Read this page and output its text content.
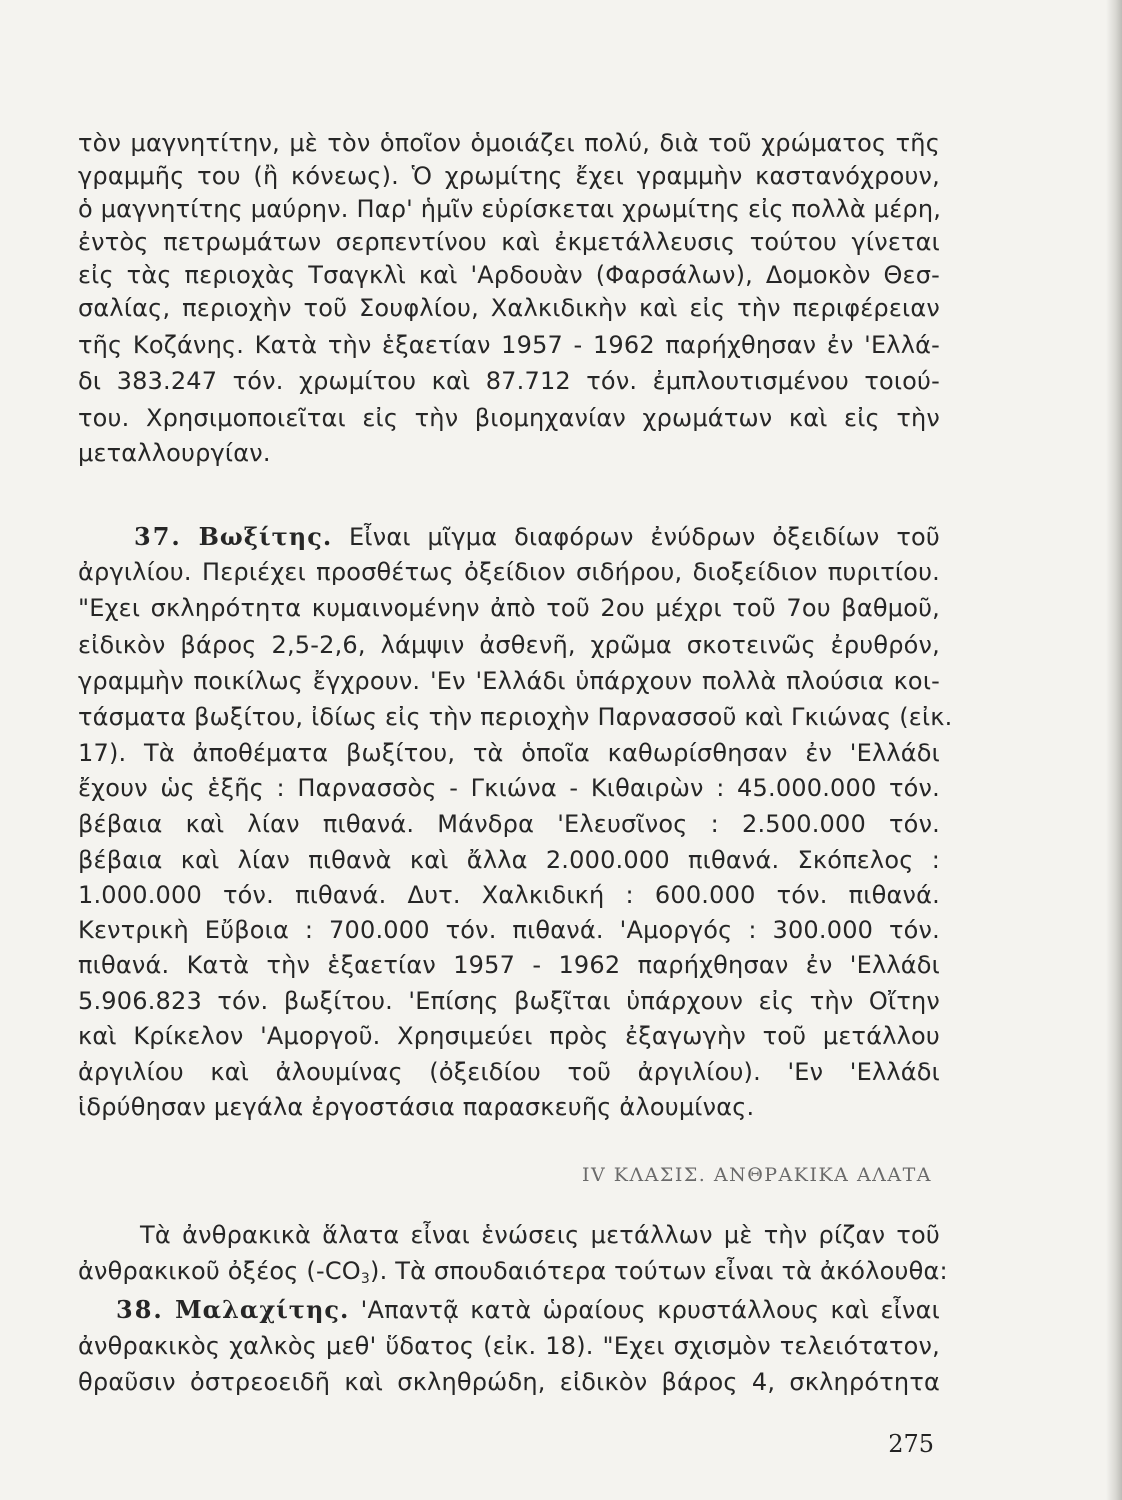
τὸν μαγνητίτην, μὲ τὸν ὁποῖον ὁμοιάζει πολύ, διὰ τοῦ χρώματος τῆς
γραμμῆς του (ἢ κόνεως). Ὁ χρωμίτης ἔχει γραμμὴν καστανόχρουν,
ὁ μαγνητίτης μαύρην. Παρ' ἡμῖν εὑρίσκεται χρωμίτης εἰς πολλὰ μέρη,
ἐντὸς πετρωμάτων σερπεντίνου καὶ ἐκμετάλλευσις τούτου γίνεται
εἰς τὰς περιοχὰς Τσαγκλὶ καὶ 'Αρδουὰν (Φαρσάλων), Δομοκὸν Θεσ-
σαλίας, περιοχὴν τοῦ Σουφλίου, Χαλκιδικὴν καὶ εἰς τὴν περιφέρειαν
τῆς Κοζάνης. Κατὰ τὴν ἑξαετίαν 1957 - 1962 παρήχθησαν ἐν 'Ελλά-
δι 383.247 τόν. χρωμίτου καὶ 87.712 τόν. ἐμπλουτισμένου τοιού-
του. Χρησιμοποιεῖται εἰς τὴν βιομηχανίαν χρωμάτων καὶ εἰς τὴν
μεταλλουργίαν.
37. Βωξίτης. Εἶναι μῖγμα διαφόρων ἐνύδρων ὀξειδίων τοῦ
ἀργιλίου. Περιέχει προσθέτως ὀξείδιον σιδήρου, διοξείδιον πυριτίου.
"Εχει σκληρότητα κυμαινομένην ἀπὸ τοῦ 2ου μέχρι τοῦ 7ου βαθμοῦ,
εἰδικὸν βάρος 2,5-2,6, λάμψιν ἀσθενῆ, χρῶμα σκοτεινῶς ἐρυθρόν,
γραμμὴν ποικίλως ἔγχρουν. 'Εν 'Ελλάδι ὑπάρχουν πολλὰ πλούσια κοι-
τάσματα βωξίτου, ἰδίως εἰς τὴν περιοχὴν Παρνασσοῦ καὶ Γκιώνας (εἰκ.
17). Τὰ ἀποθέματα βωξίτου, τὰ ὁποῖα καθωρίσθησαν ἐν 'Ελλάδι
ἔχουν ὡς ἑξῆς : Παρνασσὸς - Γκιώνα - Κιθαιρὼν : 45.000.000 τόν.
βέβαια καὶ λίαν πιθανά. Μάνδρα 'Ελευσῖνος : 2.500.000 τόν.
βέβαια καὶ λίαν πιθανὰ καὶ ἄλλα 2.000.000 πιθανά. Σκόπελος :
1.000.000 τόν. πιθανά. Δυτ. Χαλκιδική : 600.000 τόν. πιθανά.
Κεντρικὴ Εὔβοια : 700.000 τόν. πιθανά. 'Αμοργός : 300.000 τόν.
πιθανά. Κατὰ τὴν ἑξαετίαν 1957 - 1962 παρήχθησαν ἐν 'Ελλάδι
5.906.823 τόν. βωξίτου. 'Επίσης βωξῖται ὑπάρχουν εἰς τὴν Οἴτην
καὶ Κρίκελον 'Αμοργοῦ. Χρησιμεύει πρὸς ἐξαγωγὴν τοῦ μετάλλου
ἀργιλίου καὶ ἀλουμίνας (ὀξειδίου τοῦ ἀργιλίου). 'Εν 'Ελλάδι
ἱδρύθησαν μεγάλα ἐργοστάσια παρασκευῆς ἀλουμίνας.
IV ΚΛΑΣΙΣ. ΑΝΘΡΑΚΙΚΑ ΑΛΑΤΑ
Τὰ ἀνθρακικὰ ἅλατα εἶναι ἑνώσεις μετάλλων μὲ τὴν ρίζαν τοῦ
ἀνθρακικοῦ ὀξέος $(-CO_3)$. Τὰ σπουδαιότερα τούτων εἶναι τὰ ἀκόλουθα:
38. Μαλαχίτης. 'Απαντᾷ κατὰ ὡραίους κρυστάλλους καὶ εἶναι
ἀνθρακικὸς χαλκὸς μεθ' ὕδατος (εἰκ. 18). "Εχει σχισμὸν τελειότατον,
θραῦσιν ὀστρεοειδῆ καὶ σκληθρώδη, εἰδικὸν βάρος 4, σκληρότητα
275
